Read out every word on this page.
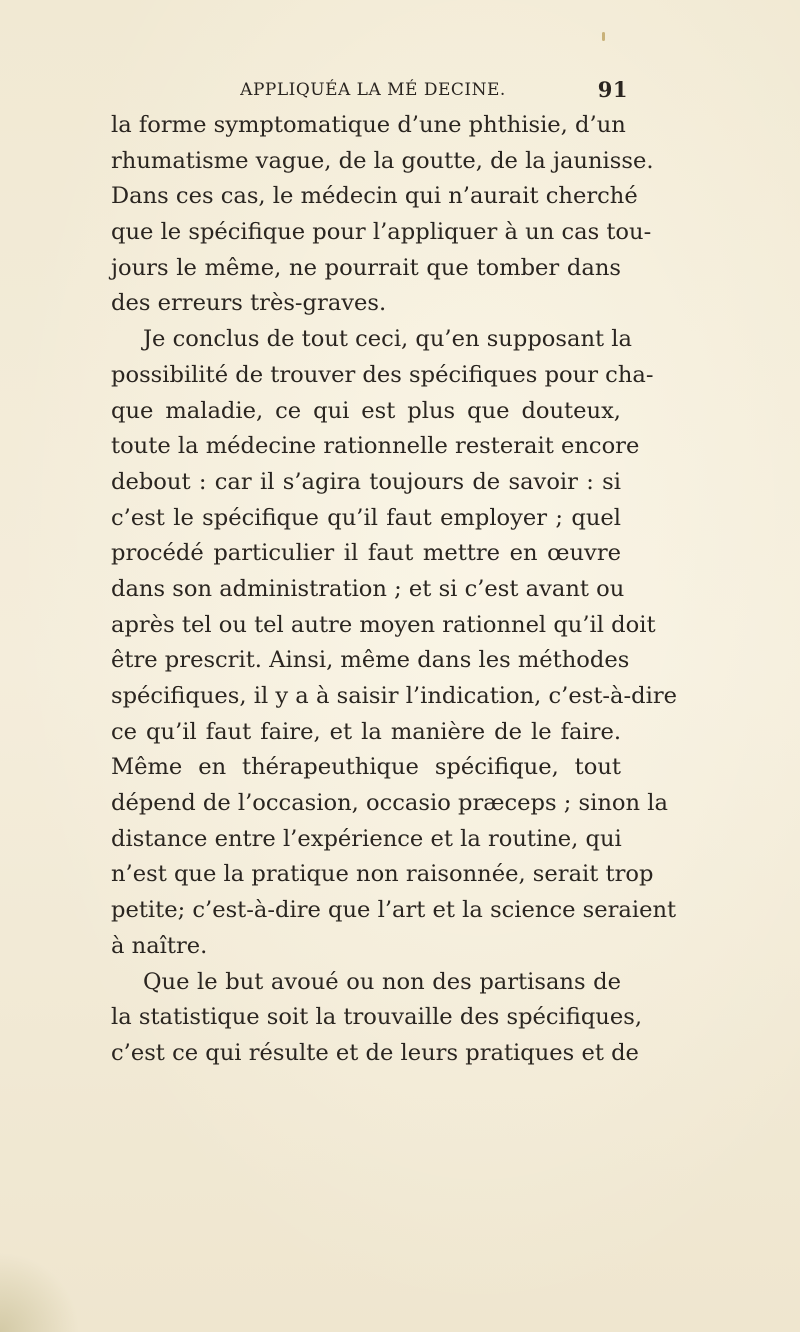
APPLIQUÉA LA MÉ DECINE.	91
la forme symptomatique d’une phthisie, d’un
rhumatisme vague, de la goutte, de la jaunisse.
Dans ces cas, le médecin qui n’aurait cherché
que le spécifique pour l’appliquer à un cas tou-
jours le même, ne pourrait que tomber dans
des erreurs très-graves.
Je conclus de tout ceci, qu’en supposant la
possibilité de trouver des spécifiques pour cha-
que maladie, ce qui est plus que douteux,
toute la médecine rationnelle resterait encore
debout : car il s’agira toujours de savoir : si
c’est le spécifique qu’il faut employer ; quel
procédé particulier il faut mettre en œuvre
dans son administration ; et si c’est avant ou
après tel ou tel autre moyen rationnel qu’il doit
être prescrit. Ainsi, même dans les méthodes
spécifiques, il y a à saisir l’indication, c’est-à-dire
ce qu’il faut faire, et la manière de le faire.
Même en thérapeuthique spécifique, tout
dépend de l’occasion, occasio præceps ; sinon la
distance entre l’expérience et la routine, qui
n’est que la pratique non raisonnée, serait trop
petite; c’est-à-dire que l’art et la science seraient
à naître.
Que le but avoué ou non des partisans de
la statistique soit la trouvaille des spécifiques,
c’est ce qui résulte et de leurs pratiques et de
